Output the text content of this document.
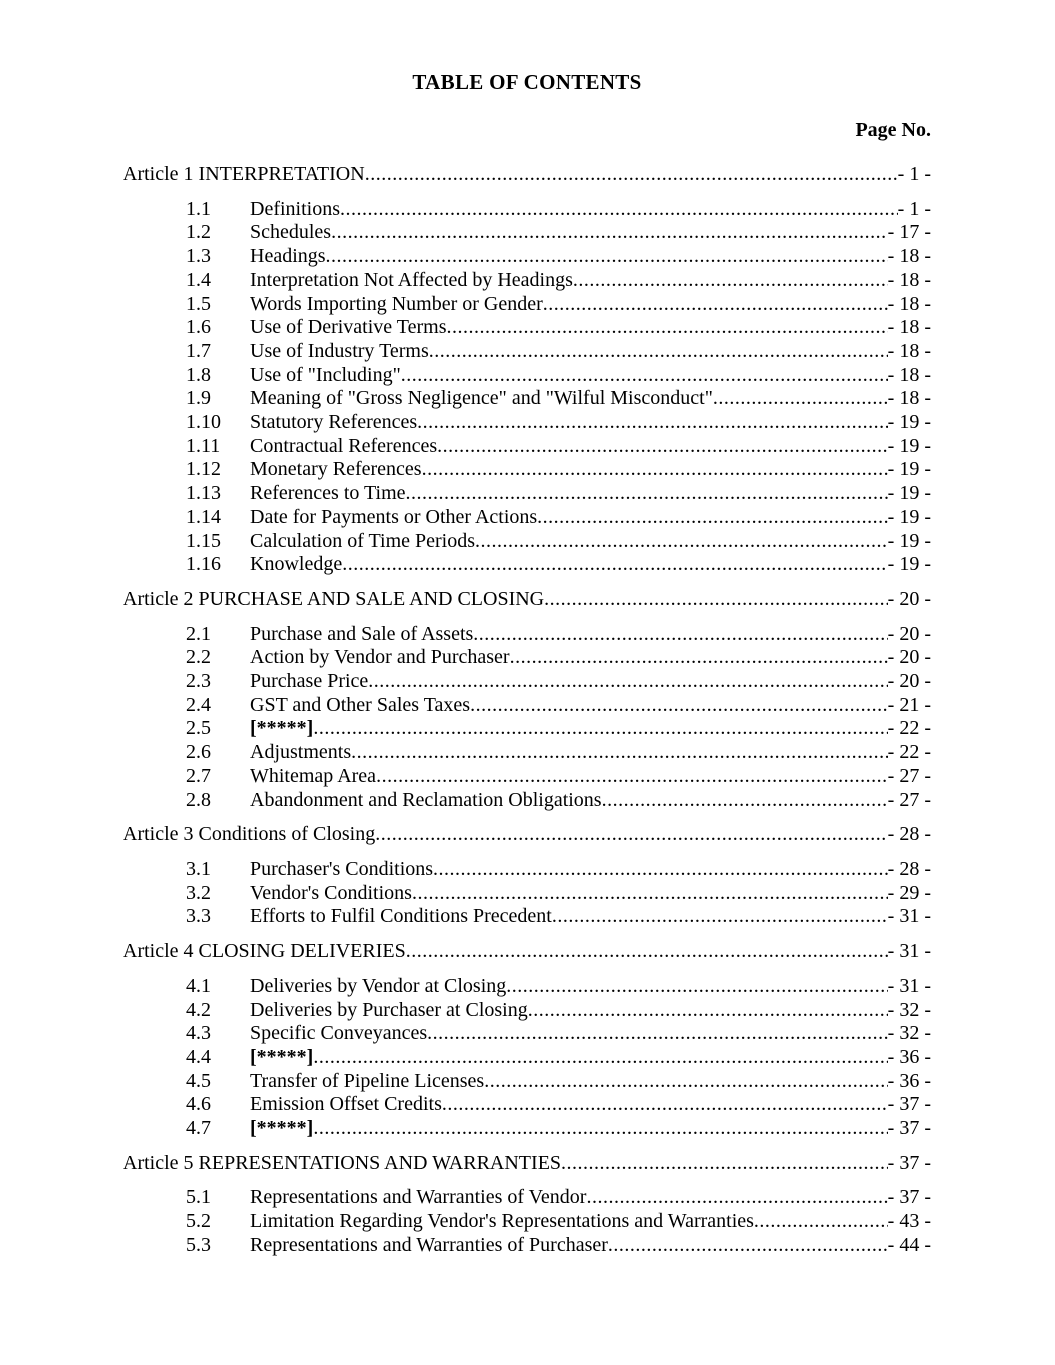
TABLE OF CONTENTS
Page No.
Article 1 INTERPRETATION .....	- 1 -
1.1	Definitions .....	- 1 -
1.2	Schedules .....	- 17 -
1.3	Headings .....	- 18 -
1.4	Interpretation Not Affected by Headings .....	- 18 -
1.5	Words Importing Number or Gender .....	- 18 -
1.6	Use of Derivative Terms .....	- 18 -
1.7	Use of Industry Terms .....	- 18 -
1.8	Use of "Including" .....	- 18 -
1.9	Meaning of "Gross Negligence" and "Wilful Misconduct" .....	- 18 -
1.10	Statutory References .....	- 19 -
1.11	Contractual References .....	- 19 -
1.12	Monetary References .....	- 19 -
1.13	References to Time .....	- 19 -
1.14	Date for Payments or Other Actions .....	- 19 -
1.15	Calculation of Time Periods .....	- 19 -
1.16	Knowledge .....	- 19 -
Article 2 PURCHASE AND SALE AND CLOSING .....	- 20 -
2.1	Purchase and Sale of Assets .....	- 20 -
2.2	Action by Vendor and Purchaser .....	- 20 -
2.3	Purchase Price .....	- 20 -
2.4	GST and Other Sales Taxes .....	- 21 -
2.5	[*****] .....	- 22 -
2.6	Adjustments .....	- 22 -
2.7	Whitemap Area .....	- 27 -
2.8	Abandonment and Reclamation Obligations .....	- 27 -
Article 3 Conditions of Closing .....	- 28 -
3.1	Purchaser's Conditions .....	- 28 -
3.2	Vendor's Conditions .....	- 29 -
3.3	Efforts to Fulfil Conditions Precedent .....	- 31 -
Article 4 CLOSING DELIVERIES .....	- 31 -
4.1	Deliveries by Vendor at Closing .....	- 31 -
4.2	Deliveries by Purchaser at Closing .....	- 32 -
4.3	Specific Conveyances .....	- 32 -
4.4	[*****] .....	- 36 -
4.5	Transfer of Pipeline Licenses .....	- 36 -
4.6	Emission Offset Credits .....	- 37 -
4.7	[*****] .....	- 37 -
Article 5 REPRESENTATIONS AND WARRANTIES .....	- 37 -
5.1	Representations and Warranties of Vendor .....	- 37 -
5.2	Limitation Regarding Vendor's Representations and Warranties .....	- 43 -
5.3	Representations and Warranties of Purchaser .....	- 44 -
